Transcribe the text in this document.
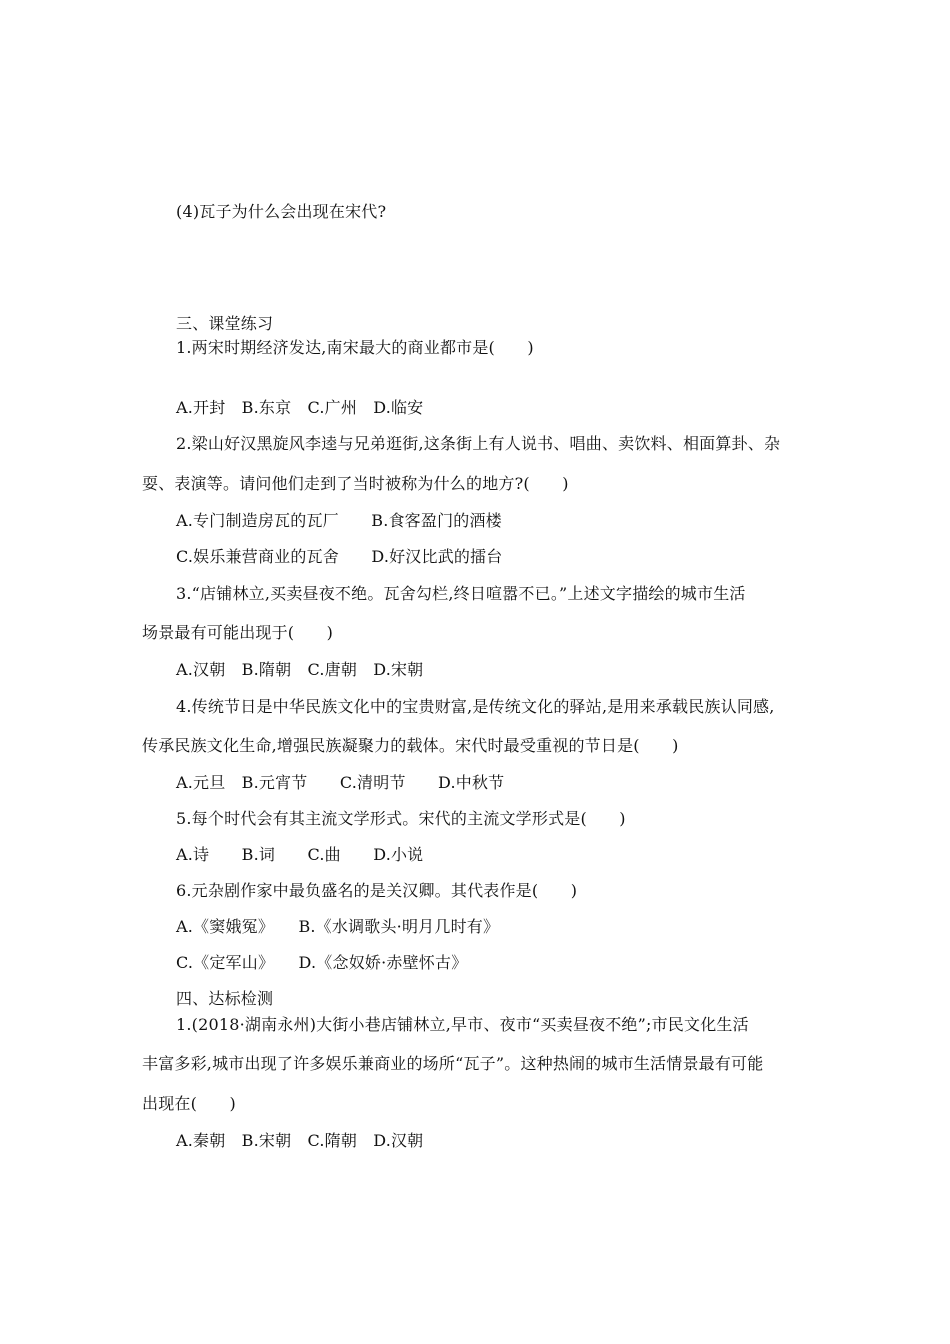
(4)瓦子为什么会出现在宋代?
三、课堂练习
1.两宋时期经济发达,南宋最大的商业都市是(　　)
A.开封　B.东京　C.广州　D.临安
2.梁山好汉黑旋风李逵与兄弟逛街,这条街上有人说书、唱曲、卖饮料、相面算卦、杂
耍、表演等。请问他们走到了当时被称为什么的地方?(　　)
A.专门制造房瓦的瓦厂　　B.食客盈门的酒楼
C.娱乐兼营商业的瓦舍　　D.好汉比武的擂台
3.“店铺林立,买卖昼夜不绝。瓦舍勾栏,终日喧嚣不已。”上述文字描绘的城市生活
场景最有可能出现于(　　)
A.汉朝　B.隋朝　C.唐朝　D.宋朝
4.传统节日是中华民族文化中的宝贵财富,是传统文化的驿站,是用来承载民族认同感,
传承民族文化生命,增强民族凝聚力的载体。宋代时最受重视的节日是(　　)
A.元旦　B.元宵节　　C.清明节　　D.中秋节
5.每个时代会有其主流文学形式。宋代的主流文学形式是(　　)
A.诗　　B.词　　C.曲　　D.小说
6.元杂剧作家中最负盛名的是关汉卿。其代表作是(　　)
A.《窦娥冤》　　B.《水调歌头·明月几时有》
C.《定军山》　　D.《念奴娇·赤壁怀古》
四、达标检测
1.(2018·湖南永州)大街小巷店铺林立,早市、夜市“买卖昼夜不绝”;市民文化生活
丰富多彩,城市出现了许多娱乐兼商业的场所“瓦子”。这种热闹的城市生活情景最有可能
出现在(　　)
A.秦朝　B.宋朝　C.隋朝　D.汉朝
